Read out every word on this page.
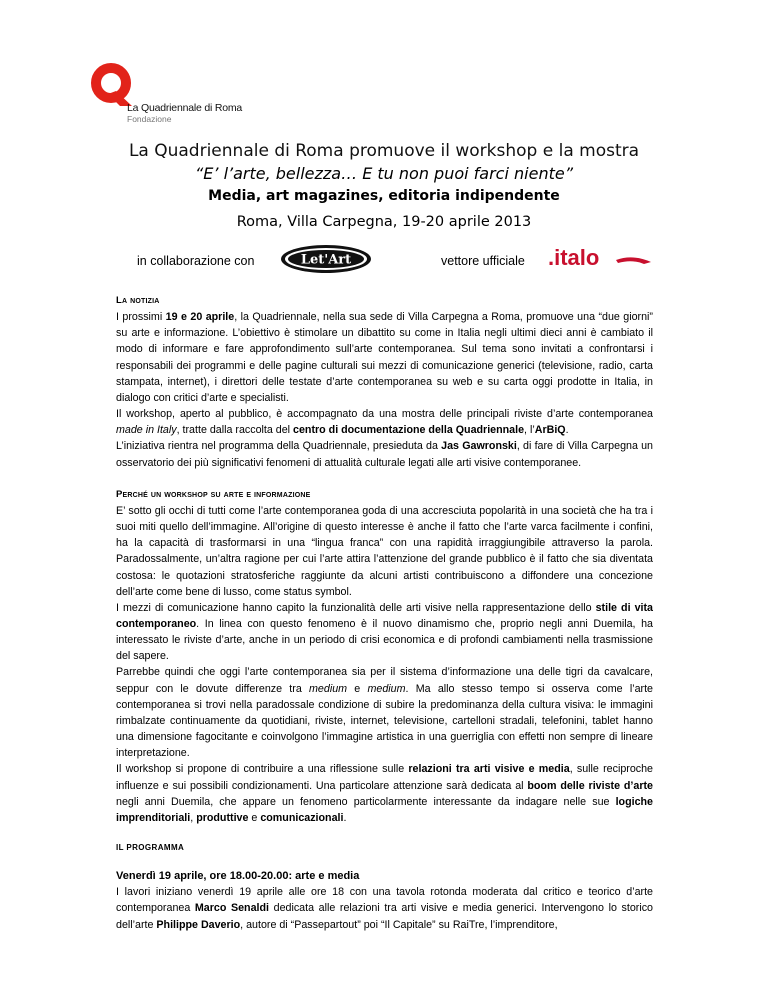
La Quadriennale di Roma
Fondazione
La Quadriennale di Roma promuove il workshop e la mostra
“E’ l’arte, bellezza… E tu non puoi farci niente”
Media, art magazines, editoria indipendente
Roma, Villa Carpegna, 19-20 aprile 2013
in collaborazione con	Let'Art	vettore ufficiale .italo

La notizia

I prossimi 19 e 20 aprile, la Quadriennale, nella sua sede di Villa Carpegna a Roma, promuove una “due giorni” su arte e informazione. L’obiettivo è stimolare un dibattito su come in Italia negli ultimi dieci anni è cambiato il modo di informare e fare approfondimento sull’arte contemporanea. Sul tema sono invitati a confrontarsi i responsabili dei programmi e delle pagine culturali sui mezzi di comunicazione generici (televisione, radio, carta stampata, internet), i direttori delle testate d’arte contemporanea su web e su carta oggi prodotte in Italia, in dialogo con critici d’arte e specialisti.

Il workshop, aperto al pubblico, è accompagnato da una mostra delle principali riviste d’arte contemporanea made in Italy, tratte dalla raccolta del centro di documentazione della Quadriennale, l’ArBiQ.

L’iniziativa rientra nel programma della Quadriennale, presieduta da Jas Gawronski, di fare di Villa Carpegna un osservatorio dei più significativi fenomeni di attualità culturale legati alle arti visive contemporanee.

Perché un workshop su arte e informazione

E’ sotto gli occhi di tutti come l’arte contemporanea goda di una accresciuta popolarità in una società che ha tra i suoi miti quello dell’immagine. All’origine di questo interesse è anche il fatto che l’arte varca facilmente i confini, ha la capacità di trasformarsi in una “lingua franca” con una rapidità irraggiungibile attraverso la parola. Paradossalmente, un’altra ragione per cui l’arte attira l’attenzione del grande pubblico è il fatto che sia diventata costosa: le quotazioni stratosferiche raggiunte da alcuni artisti contribuiscono a diffondere una concezione dell’arte come bene di lusso, come status symbol.

I mezzi di comunicazione hanno capito la funzionalità delle arti visive nella rappresentazione dello stile di vita contemporaneo. In linea con questo fenomeno è il nuovo dinamismo che, proprio negli anni Duemila, ha interessato le riviste d’arte, anche in un periodo di crisi economica e di profondi cambiamenti nella trasmissione del sapere.

Parrebbe quindi che oggi l’arte contemporanea sia per il sistema d’informazione una delle tigri da cavalcare, seppur con le dovute differenze tra medium e medium. Ma allo stesso tempo si osserva come l’arte contemporanea si trovi nella paradossale condizione di subire la predominanza della cultura visiva: le immagini rimbalzate continuamente da quotidiani, riviste, internet, televisione, cartelloni stradali, telefonini, tablet hanno una dimensione fagocitante e coinvolgono l’immagine artistica in una guerriglia con effetti non sempre di lineare interpretazione.

Il workshop si propone di contribuire a una riflessione sulle relazioni tra arti visive e media, sulle reciproche influenze e sui possibili condizionamenti. Una particolare attenzione sarà dedicata al boom delle riviste d’arte negli anni Duemila, che appare un fenomeno particolarmente interessante da indagare nelle sue logiche imprenditoriali, produttive e comunicazionali.

IL PROGRAMMA

Venerdì 19 aprile, ore 18.00-20.00: arte e media

I lavori iniziano venerdì 19 aprile alle ore 18 con una tavola rotonda moderata dal critico e teorico d’arte contemporanea Marco Senaldi dedicata alle relazioni tra arti visive e media generici. Intervengono lo storico dell’arte Philippe Daverio, autore di “Passepartout” poi “Il Capitale” su RaiTre, l’imprenditore,
